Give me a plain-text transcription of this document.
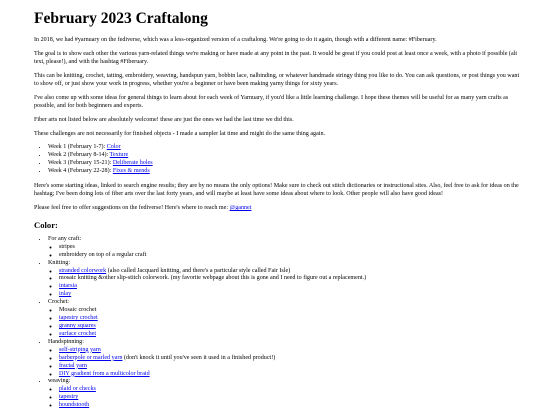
February 2023 Craftalong

In 2018, we had #yarnuary on the fediverse, which was a less-organized version of a craftalong. We're going to do it again, though with a different name: #Fiberuary.

The goal is to show each other the various yarn-related things we're making or have made at any point in the past. It would be great if you could post at least once a week, with a photo if possible (alt text, please!), and with the hashtag #Fiberuary.

This can be knitting, crochet, tatting, embroidery, weaving, handspun yarn, bobbin lace, nalbinding, or whatever handmade stringy thing you like to do. You can ask questions, or post things you want to show off, or just show your work in progress, whether you're a beginner or have been making yarny things for sixty years.

I've also come up with some ideas for general things to learn about for each week of Yarnuary, if you'd like a little learning challenge. I hope these themes will be useful for as many yarn crafts as possible, and for both beginners and experts.

Fiber arts not listed below are absolutely welcome! these are just the ones we had the last time we did this.

These challenges are not necessarily for finished objects - I made a sampler lat time and might do the same thing again.

• Week 1 (February 1-7): Color
• Week 2 (February 8-14): Texture
• Week 3 (February 15-21): Deliberate holes
• Week 4 (February 22-28): Fixes & mends

Here's some starting ideas, linked to search engine results; they are by no means the only options! Make sure to check out stitch dictionaries or instructional sites. Also, feel free to ask for ideas on the hashtag; I've been doing lots of fiber arts over the last forty years, and will maybe at least have some ideas about where to look. Other people will also have good ideas!

Please feel free to offer suggestions on the fediverse! Here's where to reach me: @gannet

Color:
• For any craft:
◦ stripes
◦ embroidery on top of a regular craft
• Knitting:
◦ stranded colorwork (also called Jacquard knitting, and there's a particular style called Fair Isle)
◦ mosaic knitting &other slip-stitch colorwork. (my favorite webpage about this is gone and I need to figure out a replacement.)
◦ intarsia
◦ inlay
• Crochet:
◦ Mosaic crochet
◦ tapestry crochet
◦ granny squares
◦ surface crochet
• Handspinning:
◦ self-striping yarn
◦ barberpole or marled yarn (don't knock it until you've seen it used in a finished product!)
◦ fractal yarn
◦ DIY gradient from a multicolor braid
• weaving:
◦ plaid or checks
◦ tapestry
◦ houndstooth
